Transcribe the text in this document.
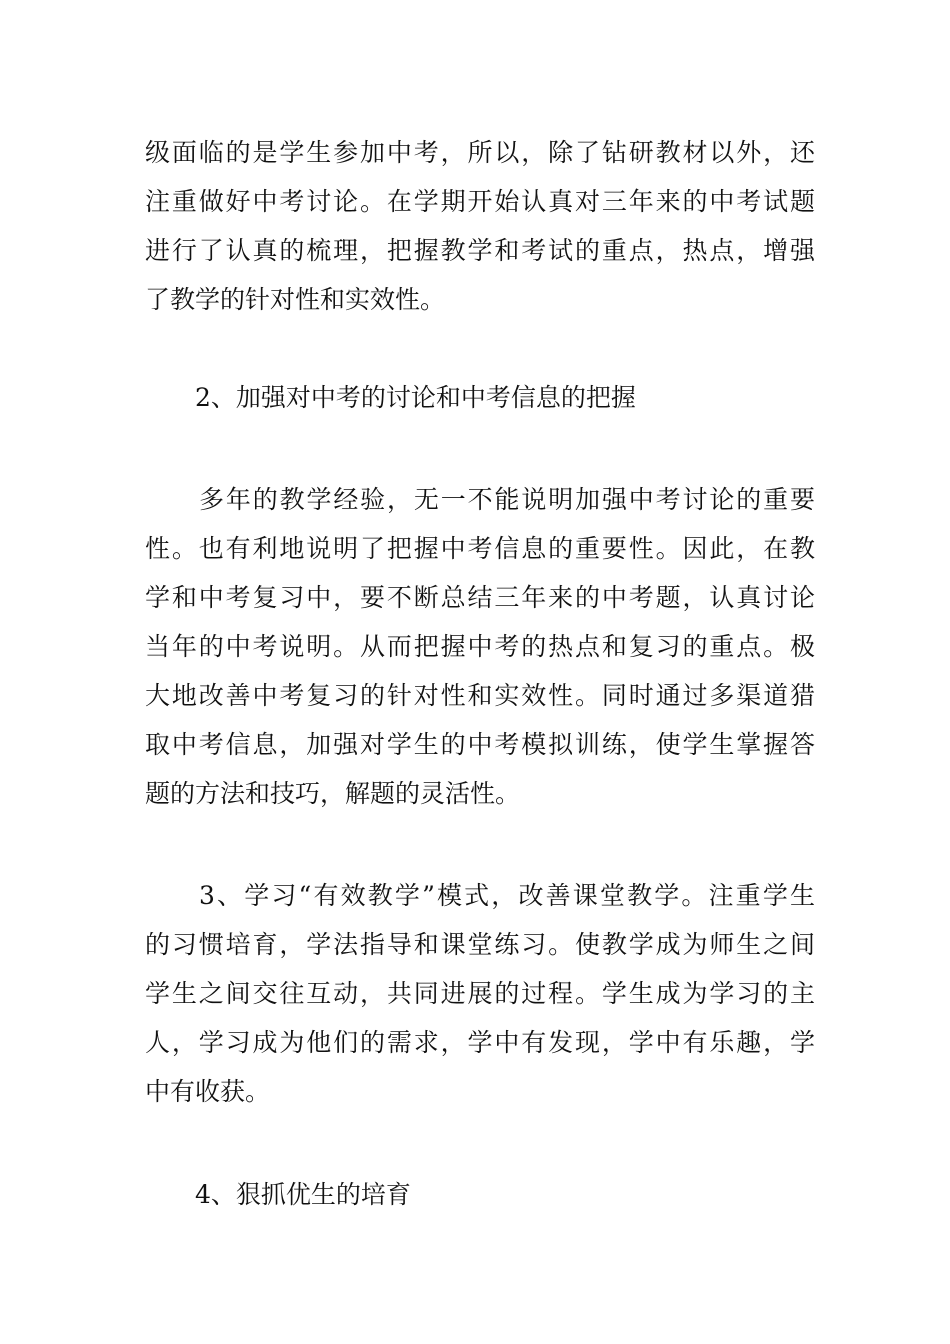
级面临的是学生参加中考，所以，除了钻研教材以外，还
注重做好中考讨论。在学期开始认真对三年来的中考试题
进行了认真的梳理，把握教学和考试的重点，热点，增强
了教学的针对性和实效性。
2、加强对中考的讨论和中考信息的把握
多年的教学经验，无一不能说明加强中考讨论的重要
性。也有利地说明了把握中考信息的重要性。因此，在教
学和中考复习中，要不断总结三年来的中考题，认真讨论
当年的中考说明。从而把握中考的热点和复习的重点。极
大地改善中考复习的针对性和实效性。同时通过多渠道猎
取中考信息，加强对学生的中考模拟训练，使学生掌握答
题的方法和技巧，解题的灵活性。
3、学习“有效教学”模式，改善课堂教学。注重学生
的习惯培育，学法指导和课堂练习。使教学成为师生之间
学生之间交往互动，共同进展的过程。学生成为学习的主
人，学习成为他们的需求，学中有发现，学中有乐趣，学
中有收获。
4、狠抓优生的培育
